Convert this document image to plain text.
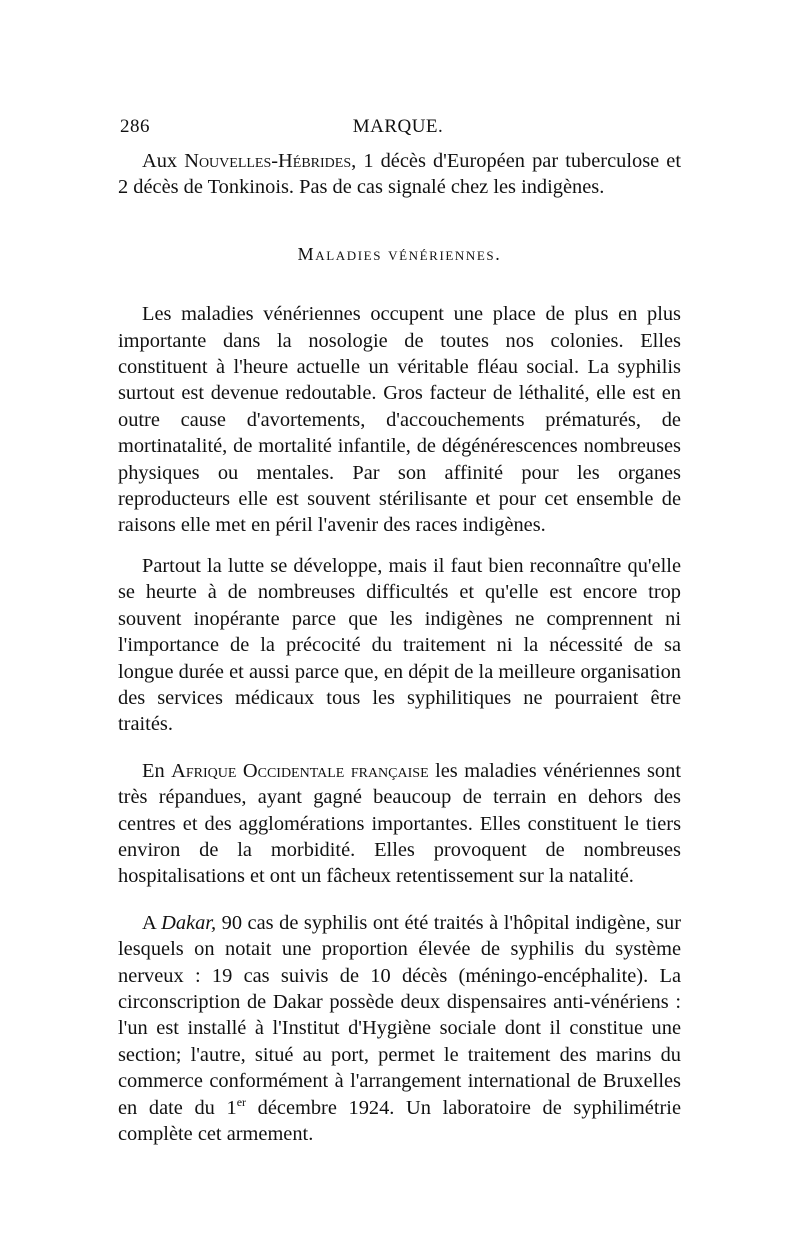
286	MARQUE.

Aux Nouvelles-Hébrides, 1 décès d'Européen par tuberculose et 2 décès de Tonkinois. Pas de cas signalé chez les indigènes.

Maladies vénériennes.

Les maladies vénériennes occupent une place de plus en plus importante dans la nosologie de toutes nos colonies. Elles constituent à l'heure actuelle un véritable fléau social. La syphilis surtout est devenue redoutable. Gros facteur de léthalité, elle est en outre cause d'avortements, d'accouchements prématurés, de mortinatalité, de mortalité infantile, de dégénérescences nombreuses physiques ou mentales. Par son affinité pour les organes reproducteurs elle est souvent stérilisante et pour cet ensemble de raisons elle met en péril l'avenir des races indigènes.

Partout la lutte se développe, mais il faut bien reconnaître qu'elle se heurte à de nombreuses difficultés et qu'elle est encore trop souvent inopérante parce que les indigènes ne comprennent ni l'importance de la précocité du traitement ni la nécessité de sa longue durée et aussi parce que, en dépit de la meilleure organisation des services médicaux tous les syphilitiques ne pourraient être traités.

En Afrique Occidentale française les maladies vénériennes sont très répandues, ayant gagné beaucoup de terrain en dehors des centres et des agglomérations importantes. Elles constituent le tiers environ de la morbidité. Elles provoquent de nombreuses hospitalisations et ont un fâcheux retentissement sur la natalité.

A Dakar, 90 cas de syphilis ont été traités à l'hôpital indigène, sur lesquels on notait une proportion élevée de syphilis du système nerveux : 19 cas suivis de 10 décès (méningo-encéphalite). La circonscription de Dakar possède deux dispensaires anti-vénériens : l'un est installé à l'Institut d'Hygiène sociale dont il constitue une section; l'autre, situé au port, permet le traitement des marins du commerce conformément à l'arrangement international de Bruxelles en date du 1er décembre 1924. Un laboratoire de syphilimétrie complète cet armement.
